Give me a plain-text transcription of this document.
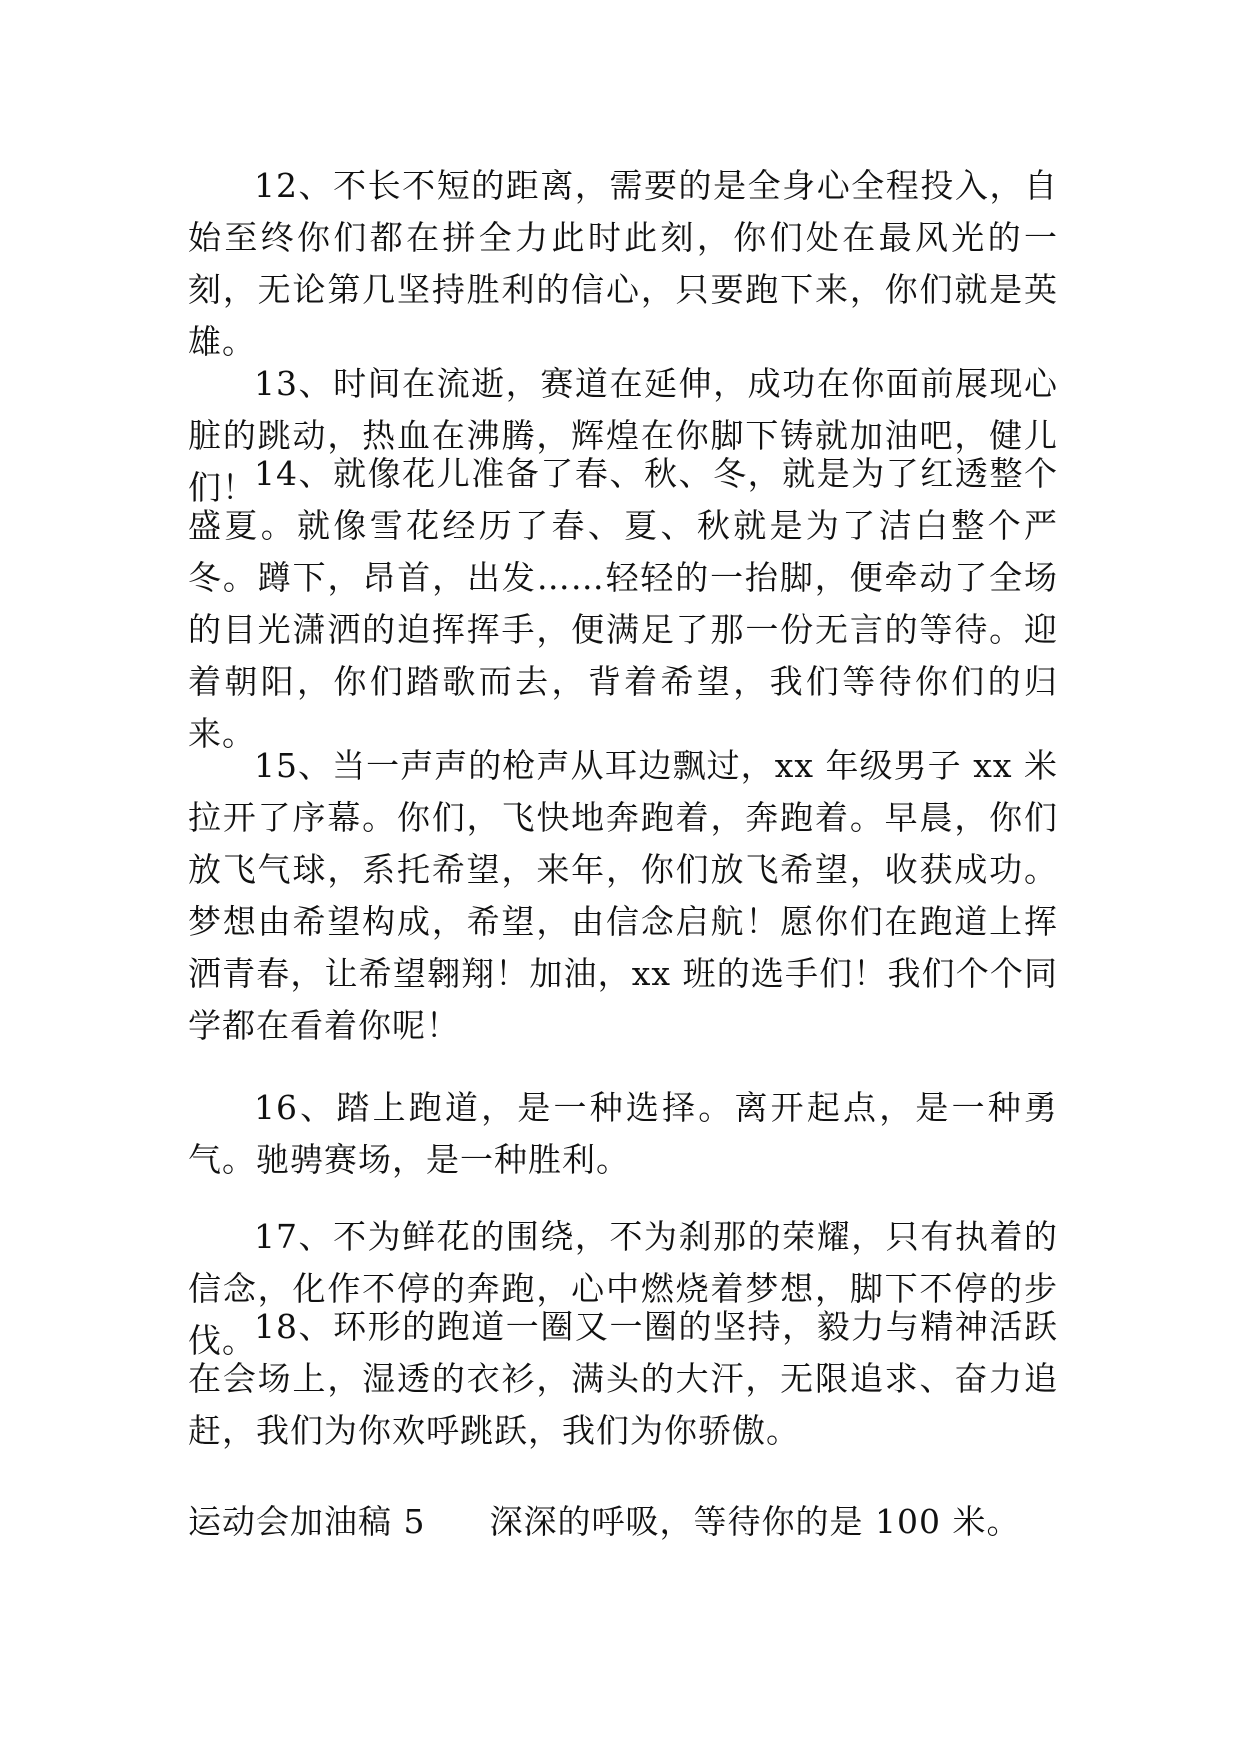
12、不长不短的距离，需要的是全身心全程投入，自始至终你们都在拼全力此时此刻，你们处在最风光的一刻，无论第几坚持胜利的信心，只要跑下来，你们就是英雄。

13、时间在流逝，赛道在延伸，成功在你面前展现心脏的跳动，热血在沸腾，辉煌在你脚下铸就加油吧，健儿们！

14、就像花儿准备了春、秋、冬，就是为了红透整个盛夏。就像雪花经历了春、夏、秋就是为了洁白整个严冬。蹲下，昂首，出发……轻轻的一抬脚，便牵动了全场的目光潇洒的迫挥挥手，便满足了那一份无言的等待。迎着朝阳，你们踏歌而去，背着希望，我们等待你们的归来。

15、当一声声的枪声从耳边飘过，xx 年级男子 xx 米拉开了序幕。你们，飞快地奔跑着，奔跑着。早晨，你们放飞气球，系托希望，来年，你们放飞希望，收获成功。梦想由希望构成，希望，由信念启航！愿你们在跑道上挥洒青春，让希望翱翔！加油，xx 班的选手们！我们个个同学都在看着你呢！

16、踏上跑道，是一种选择。离开起点，是一种勇气。驰骋赛场，是一种胜利。

17、不为鲜花的围绕，不为刹那的荣耀，只有执着的信念，化作不停的奔跑，心中燃烧着梦想，脚下不停的步伐。

18、环形的跑道一圈又一圈的坚持，毅力与精神活跃在会场上，湿透的衣衫，满头的大汗，无限追求、奋力追赶，我们为你欢呼跳跃，我们为你骄傲。

运动会加油稿 5 深深的呼吸，等待你的是 100 米。
